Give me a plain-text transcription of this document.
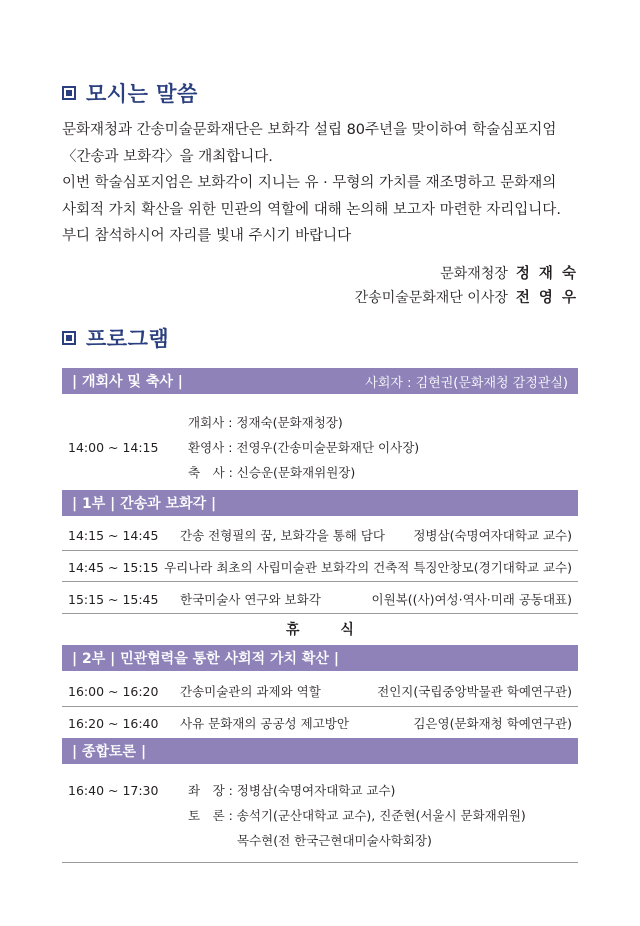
모시는 말씀

문화재청과 간송미술문화재단은 보화각 설립 80주년을 맞이하여 학술심포지엄

〈간송과 보화각〉을 개최합니다.

이번 학술심포지엄은 보화각이 지니는 유 · 무형의 가치를 재조명하고 문화재의

사회적 가치 확산을 위한 민관의 역할에 대해 논의해 보고자 마련한 자리입니다.

부디 참석하시어 자리를 빛내 주시기 바랍니다

문화재청장 정 재 숙
간송미술문화재단 이사장 전 영 우
프로그램
| 개회사 및 축사 |	사회자 : 김현권(문화재청 감정관실)
14:00 ~ 14:15
개회사 : 정재숙(문화재청장)
환영사 : 전영우(간송미술문화재단 이사장)
축　사 : 신승운(문화재위원장)
| 1부 | 간송과 보화각 |
14:15 ~ 14:45	간송 전형필의 꿈, 보화각을 통해 담다	정병삼(숙명여자대학교 교수)
14:45 ~ 15:15 우리나라 최초의 사립미술관 보화각의 건축적 특징 안창모(경기대학교 교수)
15:15 ~ 15:45	한국미술사 연구와 보화각	이원복((사)여성·역사·미래 공동대표)
휴 식
| 2부 | 민관협력을 통한 사회적 가치 확산 |
16:00 ~ 16:20	간송미술관의 과제와 역할	전인지(국립중앙박물관 학예연구관)
16:20 ~ 16:40	사유 문화재의 공공성 제고방안	김은영(문화재청 학예연구관)
| 종합토론 |
16:40 ~ 17:30 좌　장 : 정병삼(숙명여자대학교 교수)
토　론 : 송석기(군산대학교 교수), 진준현(서울시 문화재위원)
목수현(전 한국근현대미술사학회장)
